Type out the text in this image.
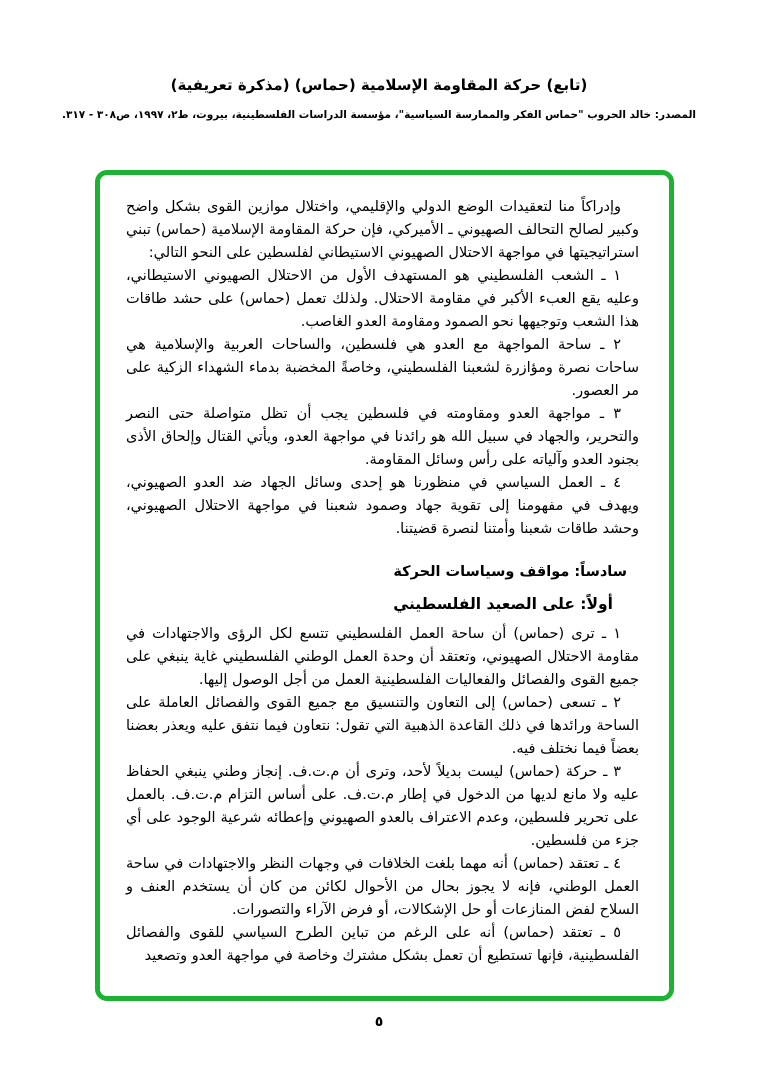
(تابع) حركة المقاومة الإسلامية (حماس) (مذكرة تعريفية)
المصدر: خالد الحروب "حماس الفكر والممارسة السياسية"، مؤسسة الدراسات الفلسطينية، بيروت، ط٢، ١٩٩٧، ص٣٠٨ - ٣١٧.

وإدراكاً منا لتعقيدات الوضع الدولي والإقليمي، واختلال موازين القوى بشكل واضح وكبير لصالح التحالف الصهيوني ـ الأميركي، فإن حركة المقاومة الإسلامية (حماس) تبني استراتيجيتها في مواجهة الاحتلال الصهيوني الاستيطاني لفلسطين على النحو التالي:

١ ـ الشعب الفلسطيني هو المستهدف الأول من الاحتلال الصهيوني الاستيطاني، وعليه يقع العبء الأكبر في مقاومة الاحتلال. ولذلك تعمل (حماس) على حشد طاقات هذا الشعب وتوجيهها نحو الصمود ومقاومة العدو الغاصب.

٢ ـ ساحة المواجهة مع العدو هي فلسطين، والساحات العربية والإسلامية هي ساحات نصرة ومؤازرة لشعبنا الفلسطيني، وخاصةً المخضبة بدماء الشهداء الزكية على مر العصور.

٣ ـ مواجهة العدو ومقاومته في فلسطين يجب أن تظل متواصلة حتى النصر والتحرير، والجهاد في سبيل الله هو رائدنا في مواجهة العدو، ويأتي القتال وإلحاق الأذى بجنود العدو وآلياته على رأس وسائل المقاومة.

٤ ـ العمل السياسي في منظورنا هو إحدى وسائل الجهاد ضد العدو الصهيوني، ويهدف في مفهومنا إلى تقوية جهاد وصمود شعبنا في مواجهة الاحتلال الصهيوني، وحشد طاقات شعبنا وأمتنا لنصرة قضيتنا.

سادساً: مواقف وسياسات الحركة

أولاً: على الصعيد الفلسطيني

١ ـ ترى (حماس) أن ساحة العمل الفلسطيني تتسع لكل الرؤى والاجتهادات في مقاومة الاحتلال الصهيوني، وتعتقد أن وحدة العمل الوطني الفلسطيني غاية ينبغي على جميع القوى والفصائل والفعاليات الفلسطينية العمل من أجل الوصول إليها.

٢ ـ تسعى (حماس) إلى التعاون والتنسيق مع جميع القوى والفصائل العاملة على الساحة ورائدها في ذلك القاعدة الذهبية التي تقول: نتعاون فيما نتفق عليه ويعذر بعضنا بعضاً فيما نختلف فيه.

٣ ـ حركة (حماس) ليست بديلاً لأحد، وترى أن م.ت.ف. إنجاز وطني ينبغي الحفاظ عليه ولا مانع لديها من الدخول في إطار م.ت.ف. على أساس التزام م.ت.ف. بالعمل على تحرير فلسطين، وعدم الاعتراف بالعدو الصهيوني وإعطائه شرعية الوجود على أي جزء من فلسطين.

٤ ـ تعتقد (حماس) أنه مهما بلغت الخلافات في وجهات النظر والاجتهادات في ساحة العمل الوطني، فإنه لا يجوز بحال من الأحوال لكائن من كان أن يستخدم العنف و السلاح لفض المنازعات أو حل الإشكالات، أو فرض الآراء والتصورات.

٥ ـ تعتقد (حماس) أنه على الرغم من تباين الطرح السياسي للقوى والفصائل الفلسطينية، فإنها تستطيع أن تعمل بشكل مشترك وخاصة في مواجهة العدو وتصعيد

٥
